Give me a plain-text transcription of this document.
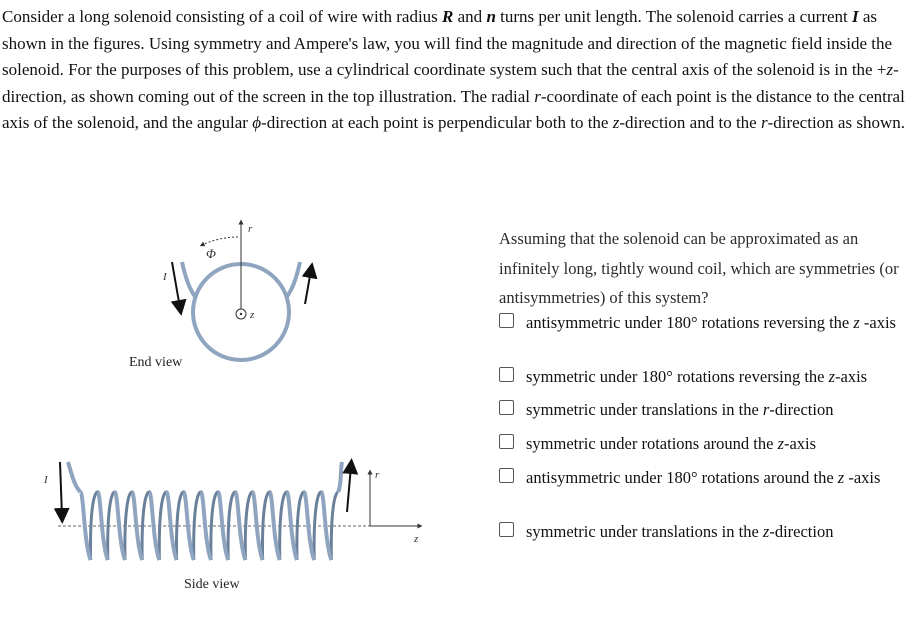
Consider a long solenoid consisting of a coil of wire with radius R and n turns per unit length. The solenoid carries a current I as shown in the figures. Using symmetry and Ampere's law, you will find the magnitude and direction of the magnetic field inside the solenoid. For the purposes of this problem, use a cylindrical coordinate system such that the central axis of the solenoid is in the +z-direction, as shown coming out of the screen in the top illustration. The radial r-coordinate of each point is the distance to the central axis of the solenoid, and the angular ϕ-direction at each point is perpendicular both to the z-direction and to the r-direction as shown.

I
z
r
Φ
End view
I	r
z
Side view

Assuming that the solenoid can be approximated as an infinitely long, tightly wound coil, which are symmetries (or antisymmetries) of this system?

antisymmetric under 180° rotations reversing the z -axis
symmetric under 180° rotations reversing the z-axis
symmetric under translations in the r-direction
symmetric under rotations around the z-axis
antisymmetric under 180° rotations around the z -axis
symmetric under translations in the z-direction
